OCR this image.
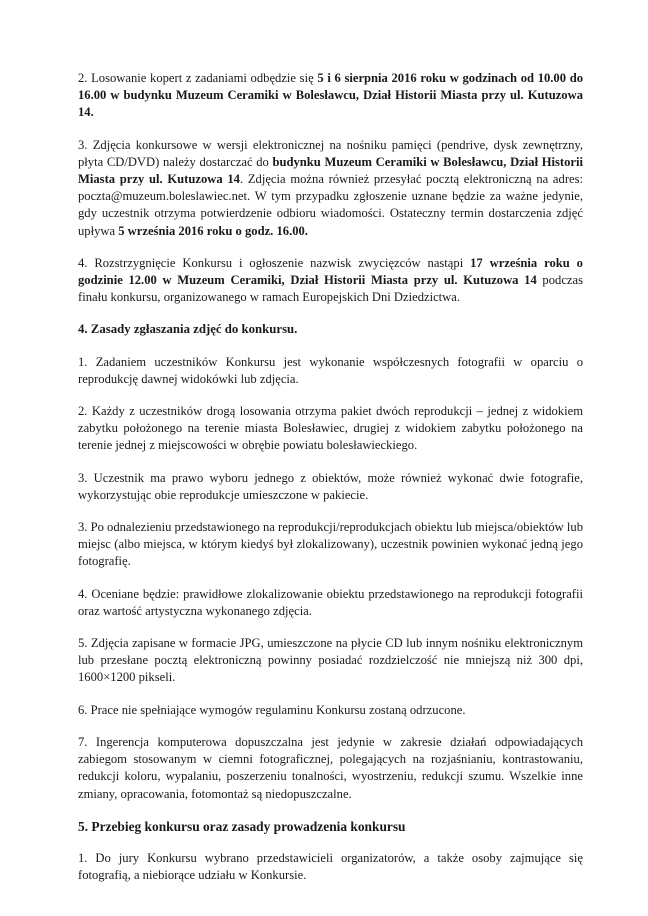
2. Losowanie kopert z zadaniami odbędzie się 5 i 6 sierpnia 2016 roku w godzinach od 10.00 do 16.00 w budynku Muzeum Ceramiki w Bolesławcu, Dział Historii Miasta przy ul. Kutuzowa 14.

3. Zdjęcia konkursowe w wersji elektronicznej na nośniku pamięci (pendrive, dysk zewnętrzny, płyta CD/DVD) należy dostarczać do budynku Muzeum Ceramiki w Bolesławcu, Dział Historii Miasta przy ul. Kutuzowa 14. Zdjęcia można również przesyłać pocztą elektroniczną na adres: poczta@muzeum.boleslawiec.net. W tym przypadku zgłoszenie uznane będzie za ważne jedynie, gdy uczestnik otrzyma potwierdzenie odbioru wiadomości. Ostateczny termin dostarczenia zdjęć upływa 5 września 2016 roku o godz. 16.00.

4. Rozstrzygnięcie Konkursu i ogłoszenie nazwisk zwycięzców nastąpi 17 września roku o godzinie 12.00 w Muzeum Ceramiki, Dział Historii Miasta przy ul. Kutuzowa 14 podczas finału konkursu, organizowanego w ramach Europejskich Dni Dziedzictwa.

4. Zasady zgłaszania zdjęć do konkursu.

1. Zadaniem uczestników Konkursu jest wykonanie współczesnych fotografii w oparciu o reprodukcję dawnej widokówki lub zdjęcia.

2. Każdy z uczestników drogą losowania otrzyma pakiet dwóch reprodukcji – jednej z widokiem zabytku położonego na terenie miasta Bolesławiec, drugiej z widokiem zabytku położonego na terenie jednej z miejscowości w obrębie powiatu bolesławieckiego.

3. Uczestnik ma prawo wyboru jednego z obiektów, może również wykonać dwie fotografie, wykorzystując obie reprodukcje umieszczone w pakiecie.

3. Po odnalezieniu przedstawionego na reprodukcji/reprodukcjach obiektu lub miejsca/obiektów lub miejsc (albo miejsca, w którym kiedyś był zlokalizowany), uczestnik powinien wykonać jedną jego fotografię.

4. Oceniane będzie: prawidłowe zlokalizowanie obiektu przedstawionego na reprodukcji fotografii oraz wartość artystyczna wykonanego zdjęcia.

5. Zdjęcia zapisane w formacie JPG, umieszczone na płycie CD lub innym nośniku elektronicznym lub przesłane pocztą elektroniczną powinny posiadać rozdzielczość nie mniejszą niż 300 dpi, 1600×1200 pikseli.

6. Prace nie spełniające wymogów regulaminu Konkursu zostaną odrzucone.

7. Ingerencja komputerowa dopuszczalna jest jedynie w zakresie działań odpowiadających zabiegom stosowanym w ciemni fotograficznej, polegających na rozjaśnianiu, kontrastowaniu, redukcji koloru, wypalaniu, poszerzeniu tonalności, wyostrzeniu, redukcji szumu. Wszelkie inne zmiany, opracowania, fotomontaż są niedopuszczalne.

5. Przebieg konkursu oraz zasady prowadzenia konkursu

1. Do jury Konkursu wybrano przedstawicieli organizatorów, a także osoby zajmujące się fotografią, a niebiorące udziału w Konkursie.
